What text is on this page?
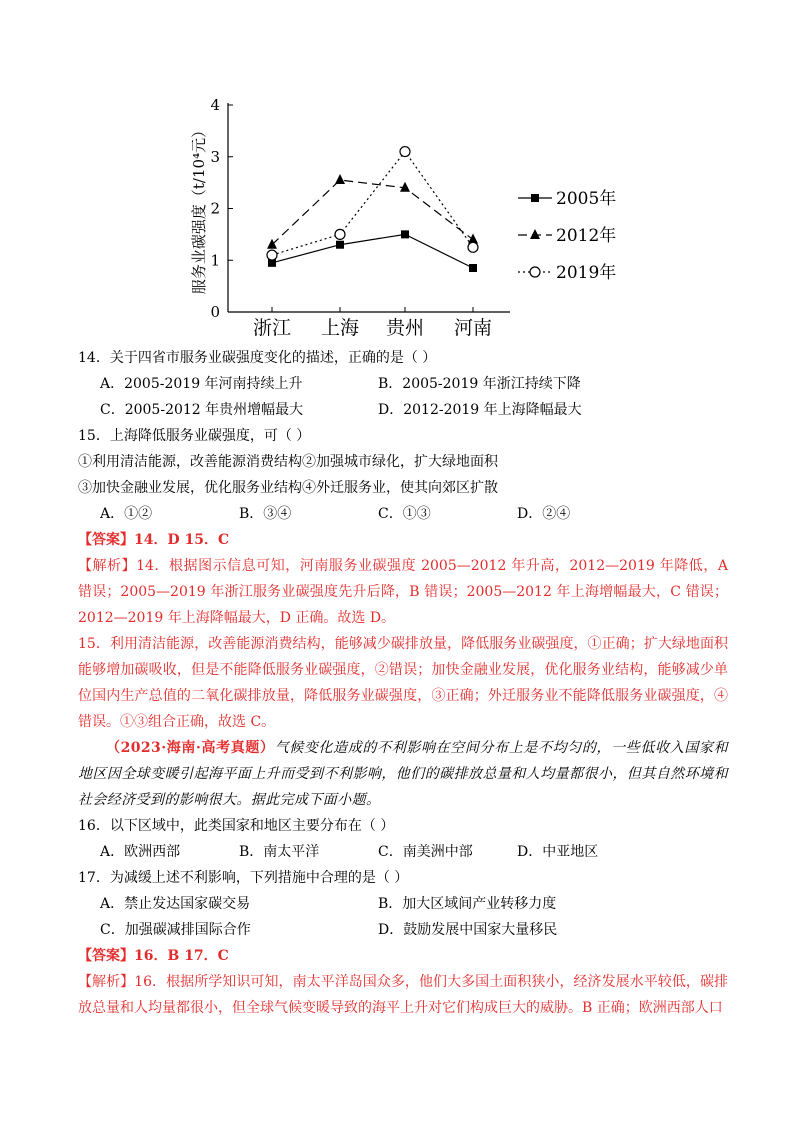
0
1
2
3
4
浙江 上海 贵州 河南
服务业碳强度（t/10⁴元）	2005年
2012年
2019年
14．关于四省市服务业碳强度变化的描述，正确的是（ ）
A．2005-2019 年河南持续上升	B．2005-2019 年浙江持续下降
C．2005-2012 年贵州增幅最大	D．2012-2019 年上海降幅最大
15．上海降低服务业碳强度，可（ ）
①利用清洁能源，改善能源消费结构②加强城市绿化，扩大绿地面积
③加快金融业发展，优化服务业结构④外迁服务业，使其向郊区扩散
A．①②	B．③④	C．①③	D．②④
【答案】14．D 15．C
【解析】14．根据图示信息可知，河南服务业碳强度 2005—2012 年升高，2012—2019 年降低，A 错误；2005—2019 年浙江服务业碳强度先升后降，B 错误；2005—2012 年上海增幅最大，C 错误；2012—2019 年上海降幅最大，D 正确。故选 D。
15．利用清洁能源，改善能源消费结构，能够减少碳排放量，降低服务业碳强度，①正确；扩大绿地面积能够增加碳吸收，但是不能降低服务业碳强度，②错误；加快金融业发展，优化服务业结构，能够减少单位国内生产总值的二氧化碳排放量，降低服务业碳强度，③正确；外迁服务业不能降低服务业碳强度，④错误。①③组合正确，故选 C。
（2023·海南·高考真题）气候变化造成的不利影响在空间分布上是不均匀的，一些低收入国家和地区因全球变暖引起海平面上升而受到不利影响，他们的碳排放总量和人均量都很小，但其自然环境和社会经济受到的影响很大。据此完成下面小题。
16．以下区域中，此类国家和地区主要分布在（ ）
A．欧洲西部	B．南太平洋	C．南美洲中部	D．中亚地区
17．为减缓上述不利影响，下列措施中合理的是（ ）
A．禁止发达国家碳交易	B．加大区域间产业转移力度
C．加强碳减排国际合作	D．鼓励发展中国家大量移民
【答案】16．B 17．C
【解析】16．根据所学知识可知，南太平洋岛国众多，他们大多国土面积狭小，经济发展水平较低，碳排放总量和人均量都很小，但全球气候变暖导致的海平上升对它们构成巨大的威胁。B 正确；欧洲西部人口
